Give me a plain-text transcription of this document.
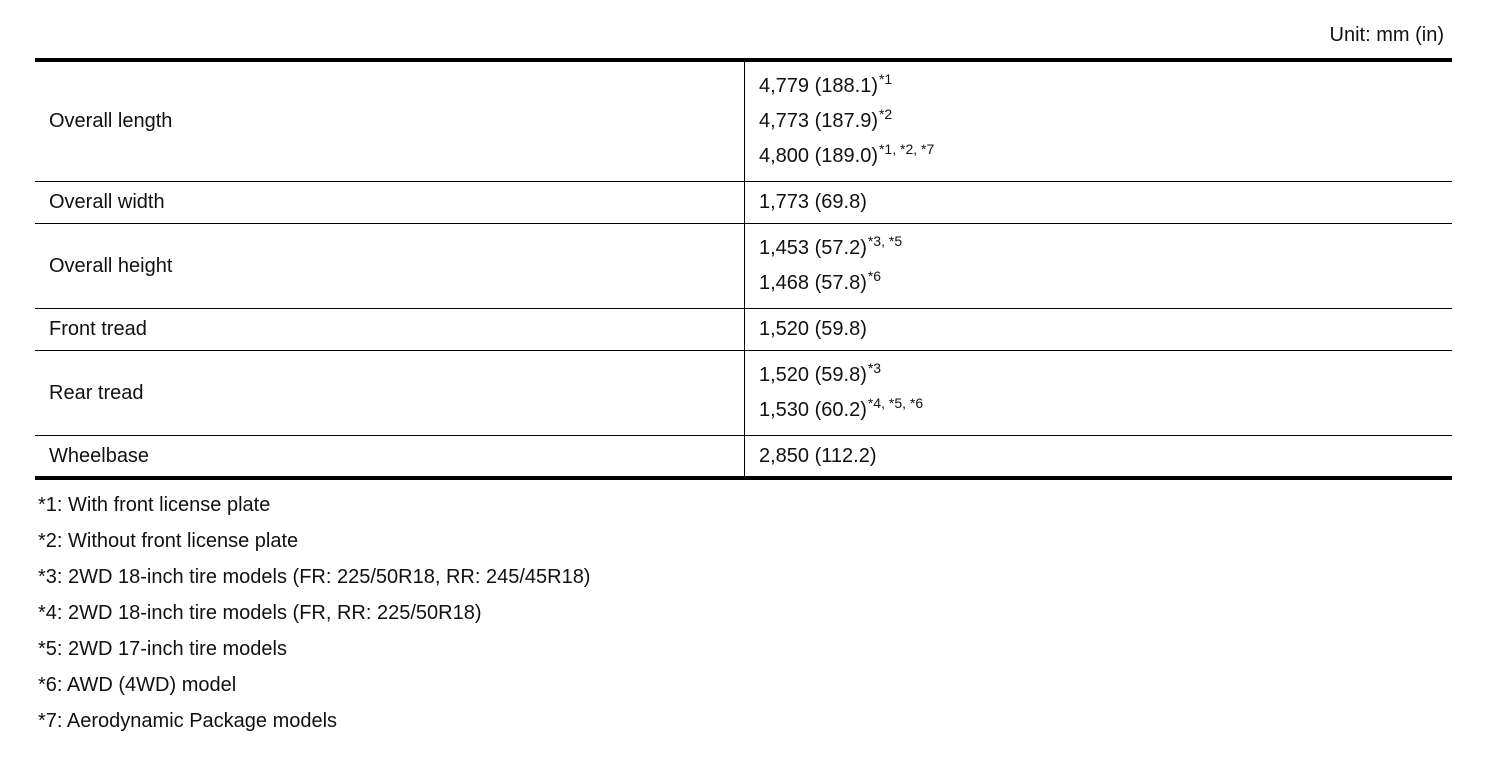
Unit: mm (in)
Overall length	4,779 $(188.1)^{*1}$
4,773 $(187.9)^{*2}$
4,800 $(189.0)^{*1, *2, *7}$

Overall width	1,773 (69.8)

Overall height	1,453 $(57.2)^{*3, *5}$
1,468 $(57.8)^{*6}$

Front tread	1,520 (59.8)

Rear tread	1,520 $(59.8)^{*3}$
1,530 $(60.2)^{*4, *5, *6}$

Wheelbase	2,850 (112.2)
*1: With front license plate
*2: Without front license plate
*3: 2WD 18-inch tire models (FR: 225/50R18, RR: 245/45R18)
*4: 2WD 18-inch tire models (FR, RR: 225/50R18)
*5: 2WD 17-inch tire models
*6: AWD (4WD) model
*7: Aerodynamic Package models
